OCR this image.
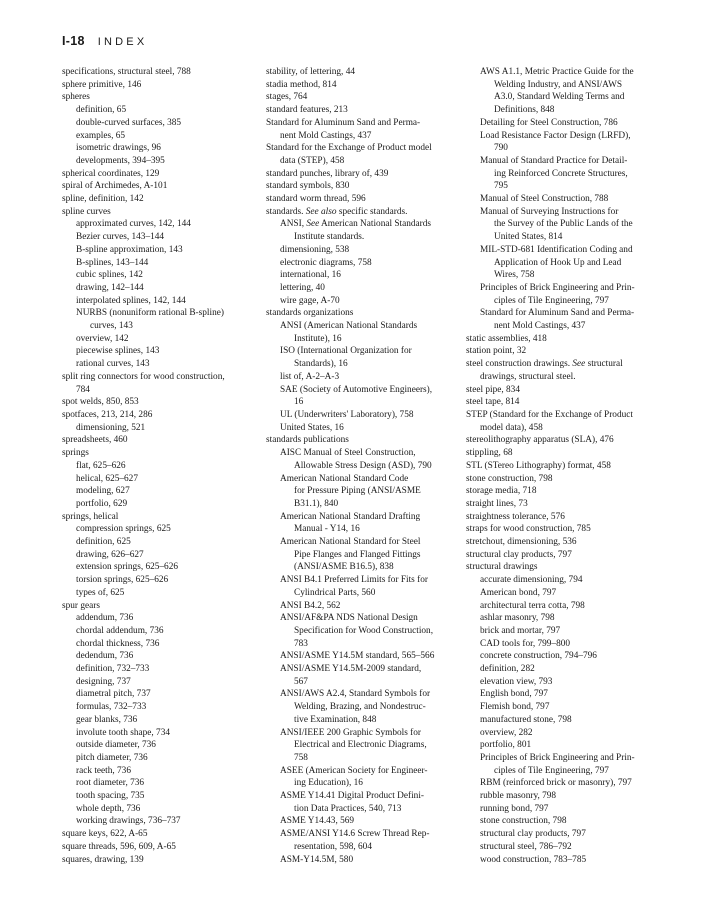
I-18 INDEX
specifications, structural steel, 788
sphere primitive, 146
spheres
definition, 65
double-curved surfaces, 385
examples, 65
isometric drawings, 96
developments, 394–395
spherical coordinates, 129
spiral of Archimedes, A-101
spline, definition, 142
spline curves
approximated curves, 142, 144
Bezier curves, 143–144
B-spline approximation, 143
B-splines, 143–144
cubic splines, 142
drawing, 142–144
interpolated splines, 142, 144
NURBS (nonuniform rational B-spline)
curves, 143
overview, 142
piecewise splines, 143
rational curves, 143
split ring connectors for wood construction,
784
spot welds, 850, 853
spotfaces, 213, 214, 286
dimensioning, 521
spreadsheets, 460
springs
flat, 625–626
helical, 625–627
modeling, 627
portfolio, 629
springs, helical
compression springs, 625
definition, 625
drawing, 626–627
extension springs, 625–626
torsion springs, 625–626
types of, 625
spur gears
addendum, 736
chordal addendum, 736
chordal thickness, 736
dedendum, 736
definition, 732–733
designing, 737
diametral pitch, 737
formulas, 732–733
gear blanks, 736
involute tooth shape, 734
outside diameter, 736
pitch diameter, 736
rack teeth, 736
root diameter, 736
tooth spacing, 735
whole depth, 736
working drawings, 736–737
square keys, 622, A-65
square threads, 596, 609, A-65
squares, drawing, 139
stability, of lettering, 44
stadia method, 814
stages, 764
standard features, 213
Standard for Aluminum Sand and Perma-
nent Mold Castings, 437
Standard for the Exchange of Product model
data (STEP), 458
standard punches, library of, 439
standard symbols, 830
standard worm thread, 596
standards. See also specific standards.
ANSI, See American National Standards
Institute standards.
dimensioning, 538
electronic diagrams, 758
international, 16
lettering, 40
wire gage, A-70
standards organizations
ANSI (American National Standards
Institute), 16
ISO (International Organization for
Standards), 16
list of, A-2–A-3
SAE (Society of Automotive Engineers),
16
UL (Underwriters' Laboratory), 758
United States, 16
standards publications
AISC Manual of Steel Construction,
Allowable Stress Design (ASD), 790
American National Standard Code
for Pressure Piping (ANSI/ASME
B31.1), 840
American National Standard Drafting
Manual - Y14, 16
American National Standard for Steel
Pipe Flanges and Flanged Fittings
(ANSI/ASME B16.5), 838
ANSI B4.1 Preferred Limits for Fits for
Cylindrical Parts, 560
ANSI B4.2, 562
ANSI/AF&PA NDS National Design
Specification for Wood Construction,
783
ANSI/ASME Y14.5M standard, 565–566
ANSI/ASME Y14.5M-2009 standard,
567
ANSI/AWS A2.4, Standard Symbols for
Welding, Brazing, and Nondestruc-
tive Examination, 848
ANSI/IEEE 200 Graphic Symbols for
Electrical and Electronic Diagrams,
758
ASEE (American Society for Engineer-
ing Education), 16
ASME Y14.41 Digital Product Defini-
tion Data Practices, 540, 713
ASME Y14.43, 569
ASME/ANSI Y14.6 Screw Thread Rep-
resentation, 598, 604
ASM-Y14.5M, 580
AWS A1.1, Metric Practice Guide for the
Welding Industry, and ANSI/AWS
A3.0, Standard Welding Terms and
Definitions, 848
Detailing for Steel Construction, 786
Load Resistance Factor Design (LRFD),
790
Manual of Standard Practice for Detail-
ing Reinforced Concrete Structures,
795
Manual of Steel Construction, 788
Manual of Surveying Instructions for
the Survey of the Public Lands of the
United States, 814
MIL-STD-681 Identification Coding and
Application of Hook Up and Lead
Wires, 758
Principles of Brick Engineering and Prin-
ciples of Tile Engineering, 797
Standard for Aluminum Sand and Perma-
nent Mold Castings, 437
static assemblies, 418
station point, 32
steel construction drawings. See structural
drawings, structural steel.
steel pipe, 834
steel tape, 814
STEP (Standard for the Exchange of Product
model data), 458
stereolithography apparatus (SLA), 476
stippling, 68
STL (STereo Lithography) format, 458
stone construction, 798
storage media, 718
straight lines, 73
straightness tolerance, 576
straps for wood construction, 785
stretchout, dimensioning, 536
structural clay products, 797
structural drawings
accurate dimensioning, 794
American bond, 797
architectural terra cotta, 798
ashlar masonry, 798
brick and mortar, 797
CAD tools for, 799–800
concrete construction, 794–796
definition, 282
elevation view, 793
English bond, 797
Flemish bond, 797
manufactured stone, 798
overview, 282
portfolio, 801
Principles of Brick Engineering and Prin-
ciples of Tile Engineering, 797
RBM (reinforced brick or masonry), 797
rubble masonry, 798
running bond, 797
stone construction, 798
structural clay products, 797
structural steel, 786–792
wood construction, 783–785
